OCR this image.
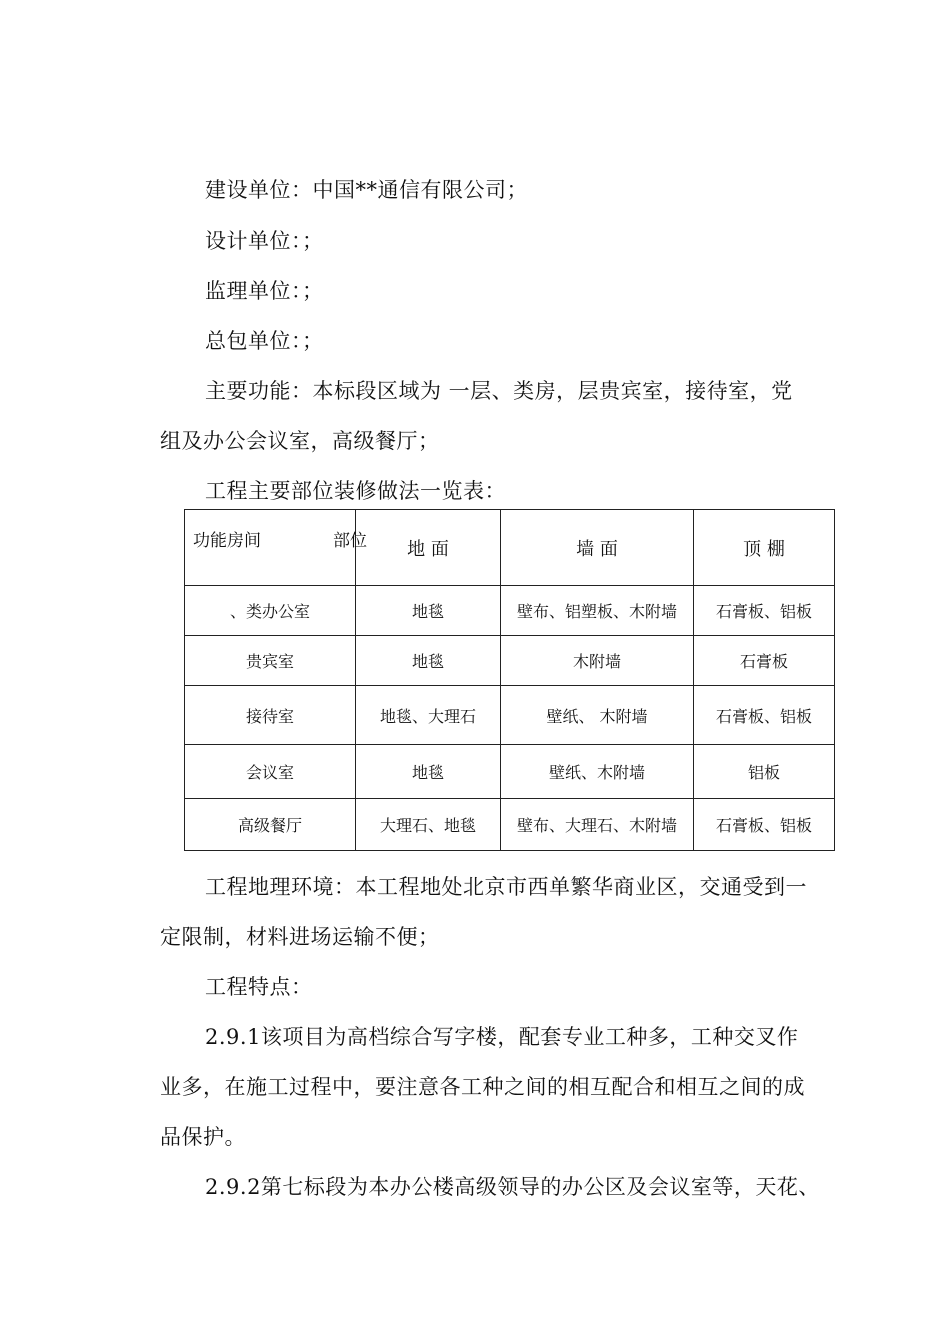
建设单位：中国**通信有限公司；
设计单位：；
监理单位：；
总包单位：；
主要功能：本标段区域为 一层、类房，层贵宾室，接待室，党
组及办公会议室，高级餐厅；
工程主要部位装修做法一览表：
功能房间 部位	地 面	墙 面	顶 棚
、类办公室	地毯	壁布、铝塑板、木附墙	石膏板、铝板
贵宾室	地毯	木附墙	石膏板
接待室	地毯、大理石	壁纸、 木附墙	石膏板、铝板
会议室	地毯	壁纸、木附墙	铝板
高级餐厅	大理石、地毯	壁布、大理石、木附墙	石膏板、铝板
工程地理环境：本工程地处北京市西单繁华商业区，交通受到一
定限制，材料进场运输不便；
工程特点：
2.9.1该项目为高档综合写字楼，配套专业工种多，工种交叉作
业多，在施工过程中，要注意各工种之间的相互配合和相互之间的成
品保护。
2.9.2第七标段为本办公楼高级领导的办公区及会议室等，天花、
